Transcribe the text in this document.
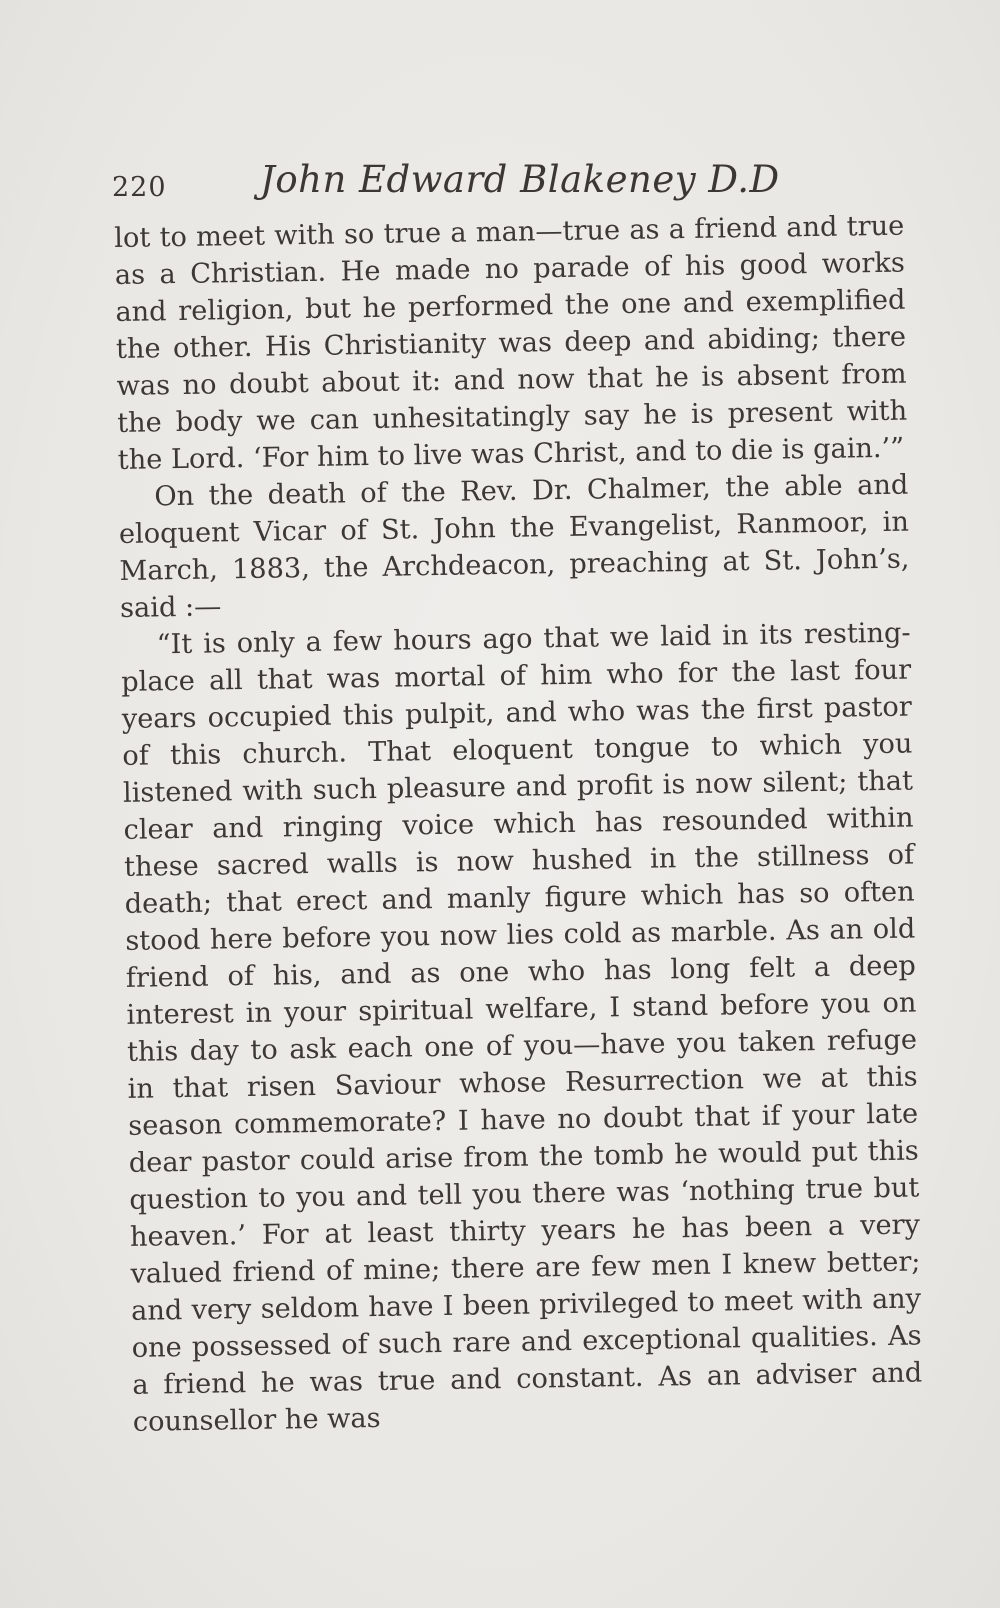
220	John Edward Blakeney D.D

lot to meet with so true a man—true as a friend and true as a Christian. He made no parade of his good works and religion, but he performed the one and exemplified the other. His Christianity was deep and abiding; there was no doubt about it: and now that he is absent from the body we can unhesitatingly say he is present with the Lord. ‘For him to live was Christ, and to die is gain.’”

On the death of the Rev. Dr. Chalmer, the able and eloquent Vicar of St. John the Evangelist, Ranmoor, in March, 1883, the Archdeacon, preaching at St. John’s, said :—

“It is only a few hours ago that we laid in its resting-place all that was mortal of him who for the last four years occupied this pulpit, and who was the first pastor of this church. That eloquent tongue to which you listened with such pleasure and profit is now silent; that clear and ringing voice which has resounded within these sacred walls is now hushed in the stillness of death; that erect and manly figure which has so often stood here before you now lies cold as marble. As an old friend of his, and as one who has long felt a deep interest in your spiritual welfare, I stand before you on this day to ask each one of you—have you taken refuge in that risen Saviour whose Resurrection we at this season commemorate? I have no doubt that if your late dear pastor could arise from the tomb he would put this question to you and tell you there was ‘nothing true but heaven.’ For at least thirty years he has been a very valued friend of mine; there are few men I knew better; and very seldom have I been privileged to meet with any one possessed of such rare and exceptional qualities. As a friend he was true and constant. As an adviser and counsellor he was
